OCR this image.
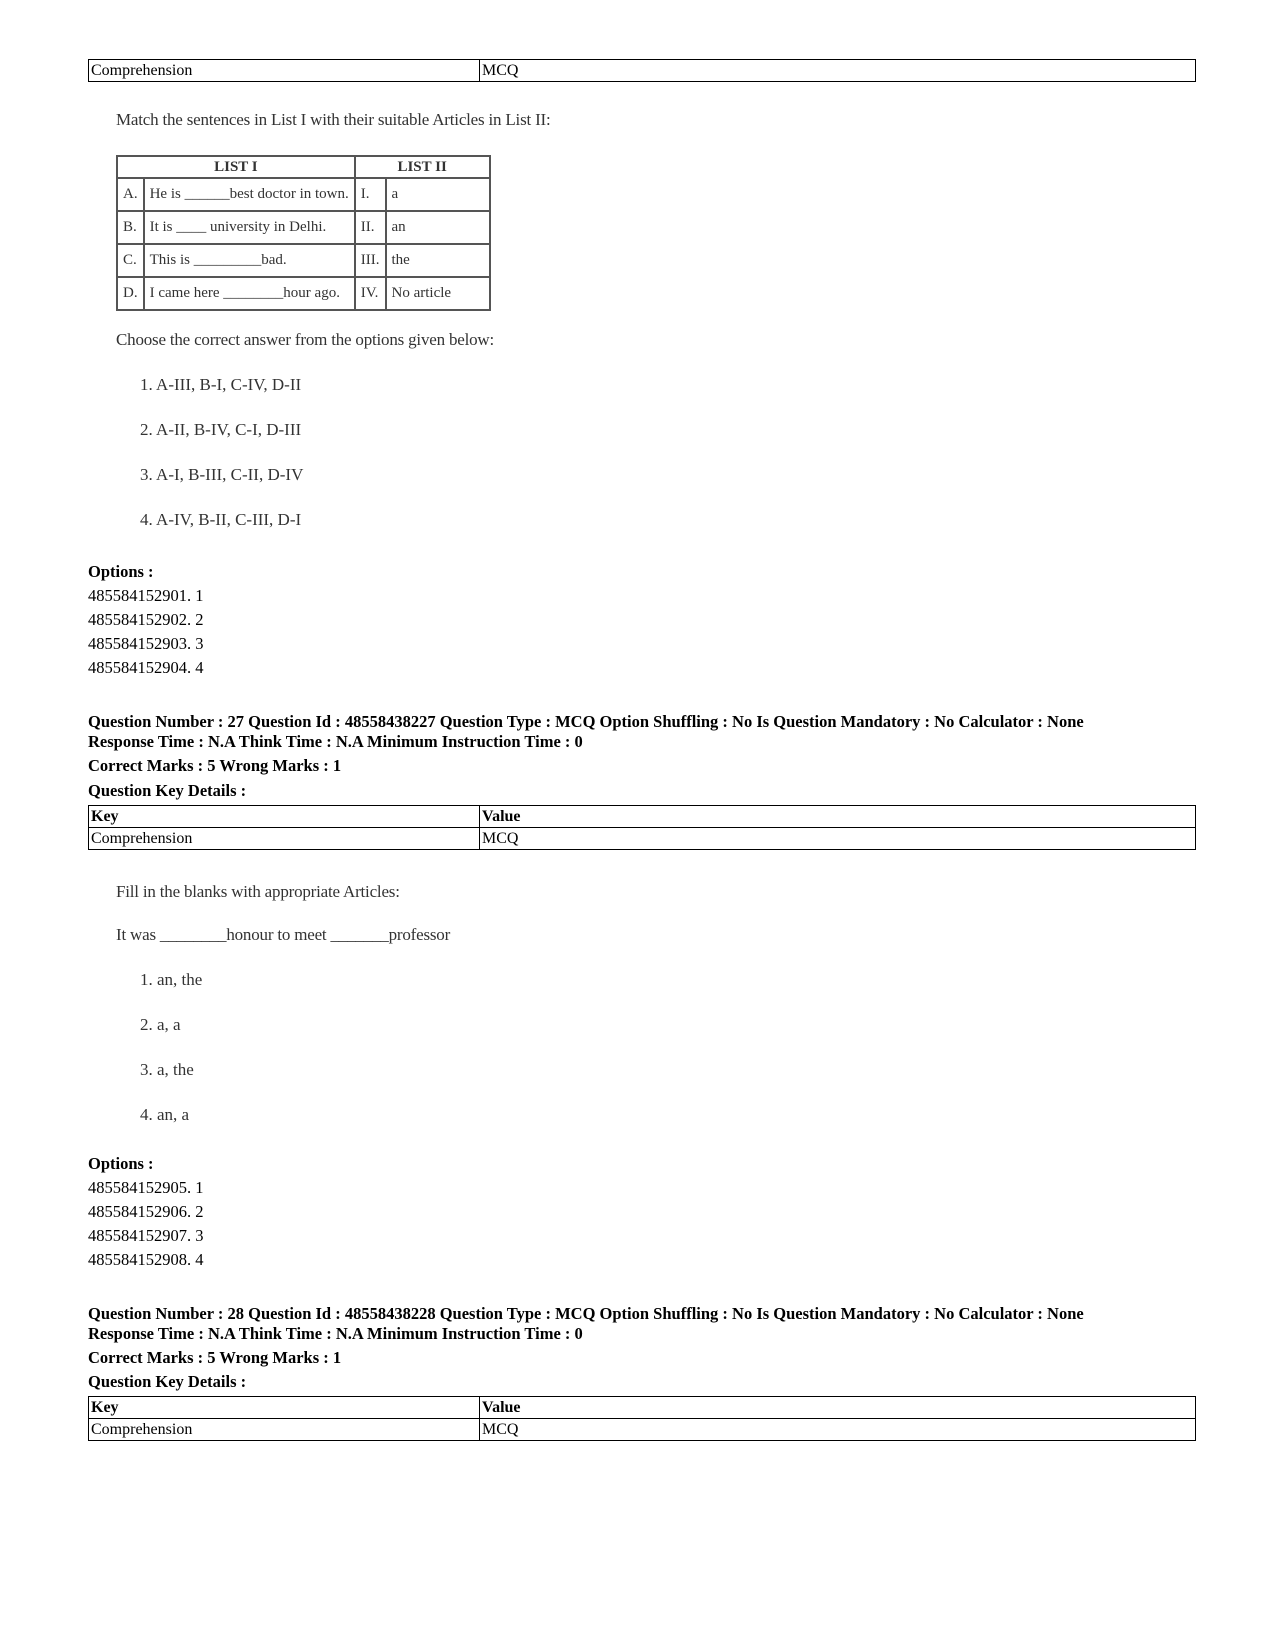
Comprehension	MCQ
Match the sentences in List I with their suitable Articles in List II:
LIST I		LIST II	
A.	He is ______best doctor in town.	I.	a
B.	It is ____ university in Delhi.	II.	an
C.	This is _________bad.	III.	the
D.	I came here ________hour ago.	IV.	No article
Choose the correct answer from the options given below:
1. A-III, B-I, C-IV, D-II
2. A-II, B-IV, C-I, D-III
3. A-I, B-III, C-II, D-IV
4. A-IV, B-II, C-III, D-I
Options :
485584152901. 1
485584152902. 2
485584152903. 3
485584152904. 4
Question Number : 27 Question Id : 48558438227 Question Type : MCQ Option Shuffling : No Is Question Mandatory : No Calculator : None
Response Time : N.A Think Time : N.A Minimum Instruction Time : 0
Correct Marks : 5 Wrong Marks : 1
Question Key Details :
Key	Value
Comprehension	MCQ
Fill in the blanks with appropriate Articles:
It was ________honour to meet _______professor
1. an, the
2. a, a
3. a, the
4. an, a
Options :
485584152905. 1
485584152906. 2
485584152907. 3
485584152908. 4
Question Number : 28 Question Id : 48558438228 Question Type : MCQ Option Shuffling : No Is Question Mandatory : No Calculator : None
Response Time : N.A Think Time : N.A Minimum Instruction Time : 0
Correct Marks : 5 Wrong Marks : 1
Question Key Details :
Key	Value
Comprehension	MCQ
